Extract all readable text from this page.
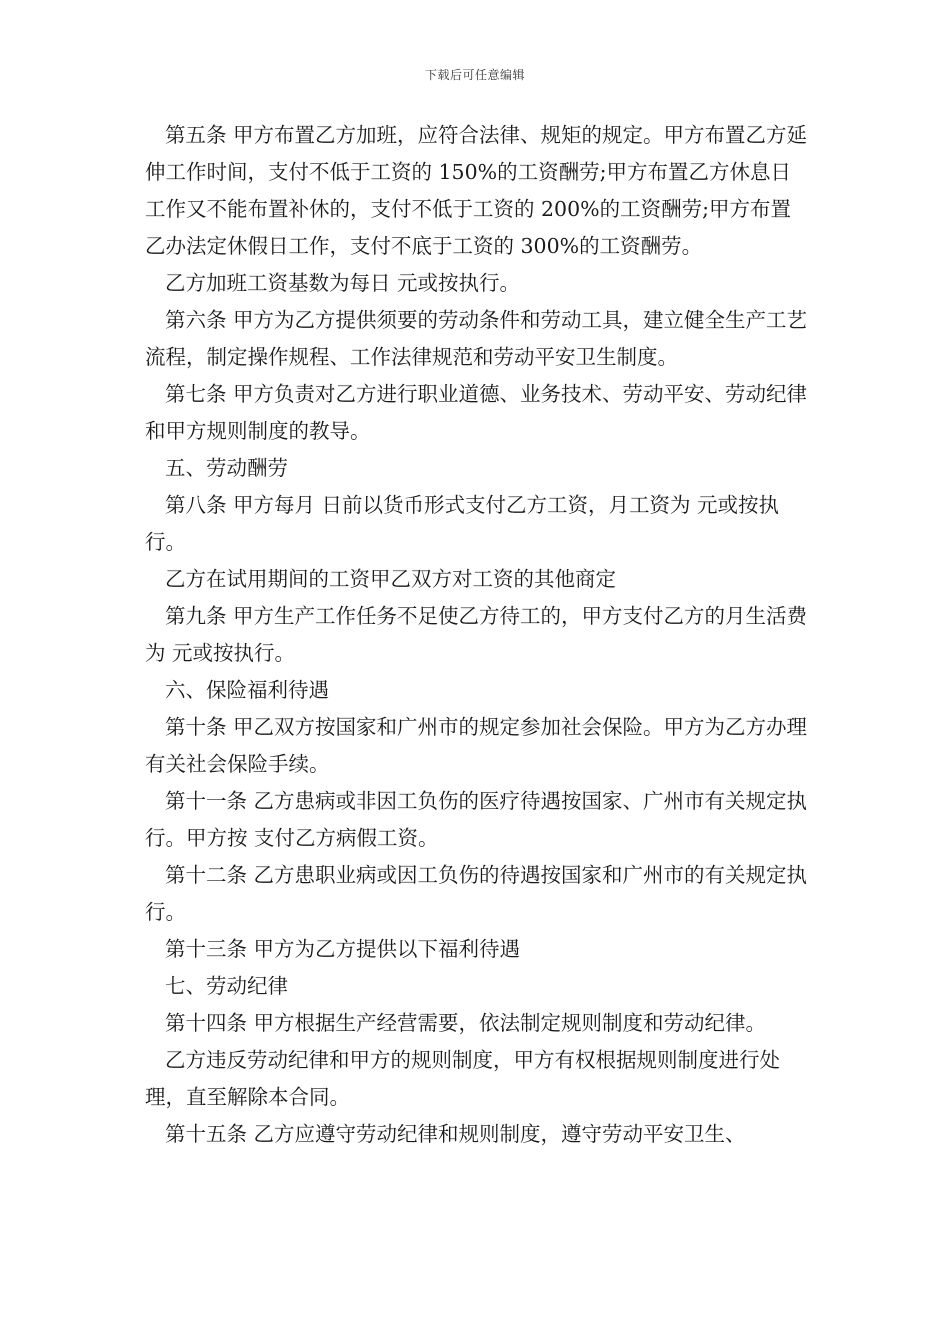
下载后可任意编辑

第五条 甲方布置乙方加班，应符合法律、规矩的规定。甲方布置乙方延伸工作时间，支付不低于工资的 150%的工资酬劳;甲方布置乙方休息日工作又不能布置补休的，支付不低于工资的 200%的工资酬劳;甲方布置乙办法定休假日工作，支付不底于工资的 300%的工资酬劳。

乙方加班工资基数为每日 元或按执行。

第六条 甲方为乙方提供须要的劳动条件和劳动工具，建立健全生产工艺流程，制定操作规程、工作法律规范和劳动平安卫生制度。

第七条 甲方负责对乙方进行职业道德、业务技术、劳动平安、劳动纪律和甲方规则制度的教导。

五、劳动酬劳

第八条 甲方每月 日前以货币形式支付乙方工资，月工资为 元或按执行。

乙方在试用期间的工资甲乙双方对工资的其他商定

第九条 甲方生产工作任务不足使乙方待工的，甲方支付乙方的月生活费为 元或按执行。

六、保险福利待遇

第十条 甲乙双方按国家和广州市的规定参加社会保险。甲方为乙方办理有关社会保险手续。

第十一条 乙方患病或非因工负伤的医疗待遇按国家、广州市有关规定执行。甲方按 支付乙方病假工资。

第十二条 乙方患职业病或因工负伤的待遇按国家和广州市的有关规定执行。

第十三条 甲方为乙方提供以下福利待遇

七、劳动纪律

第十四条 甲方根据生产经营需要，依法制定规则制度和劳动纪律。

乙方违反劳动纪律和甲方的规则制度，甲方有权根据规则制度进行处理，直至解除本合同。

第十五条 乙方应遵守劳动纪律和规则制度，遵守劳动平安卫生、
